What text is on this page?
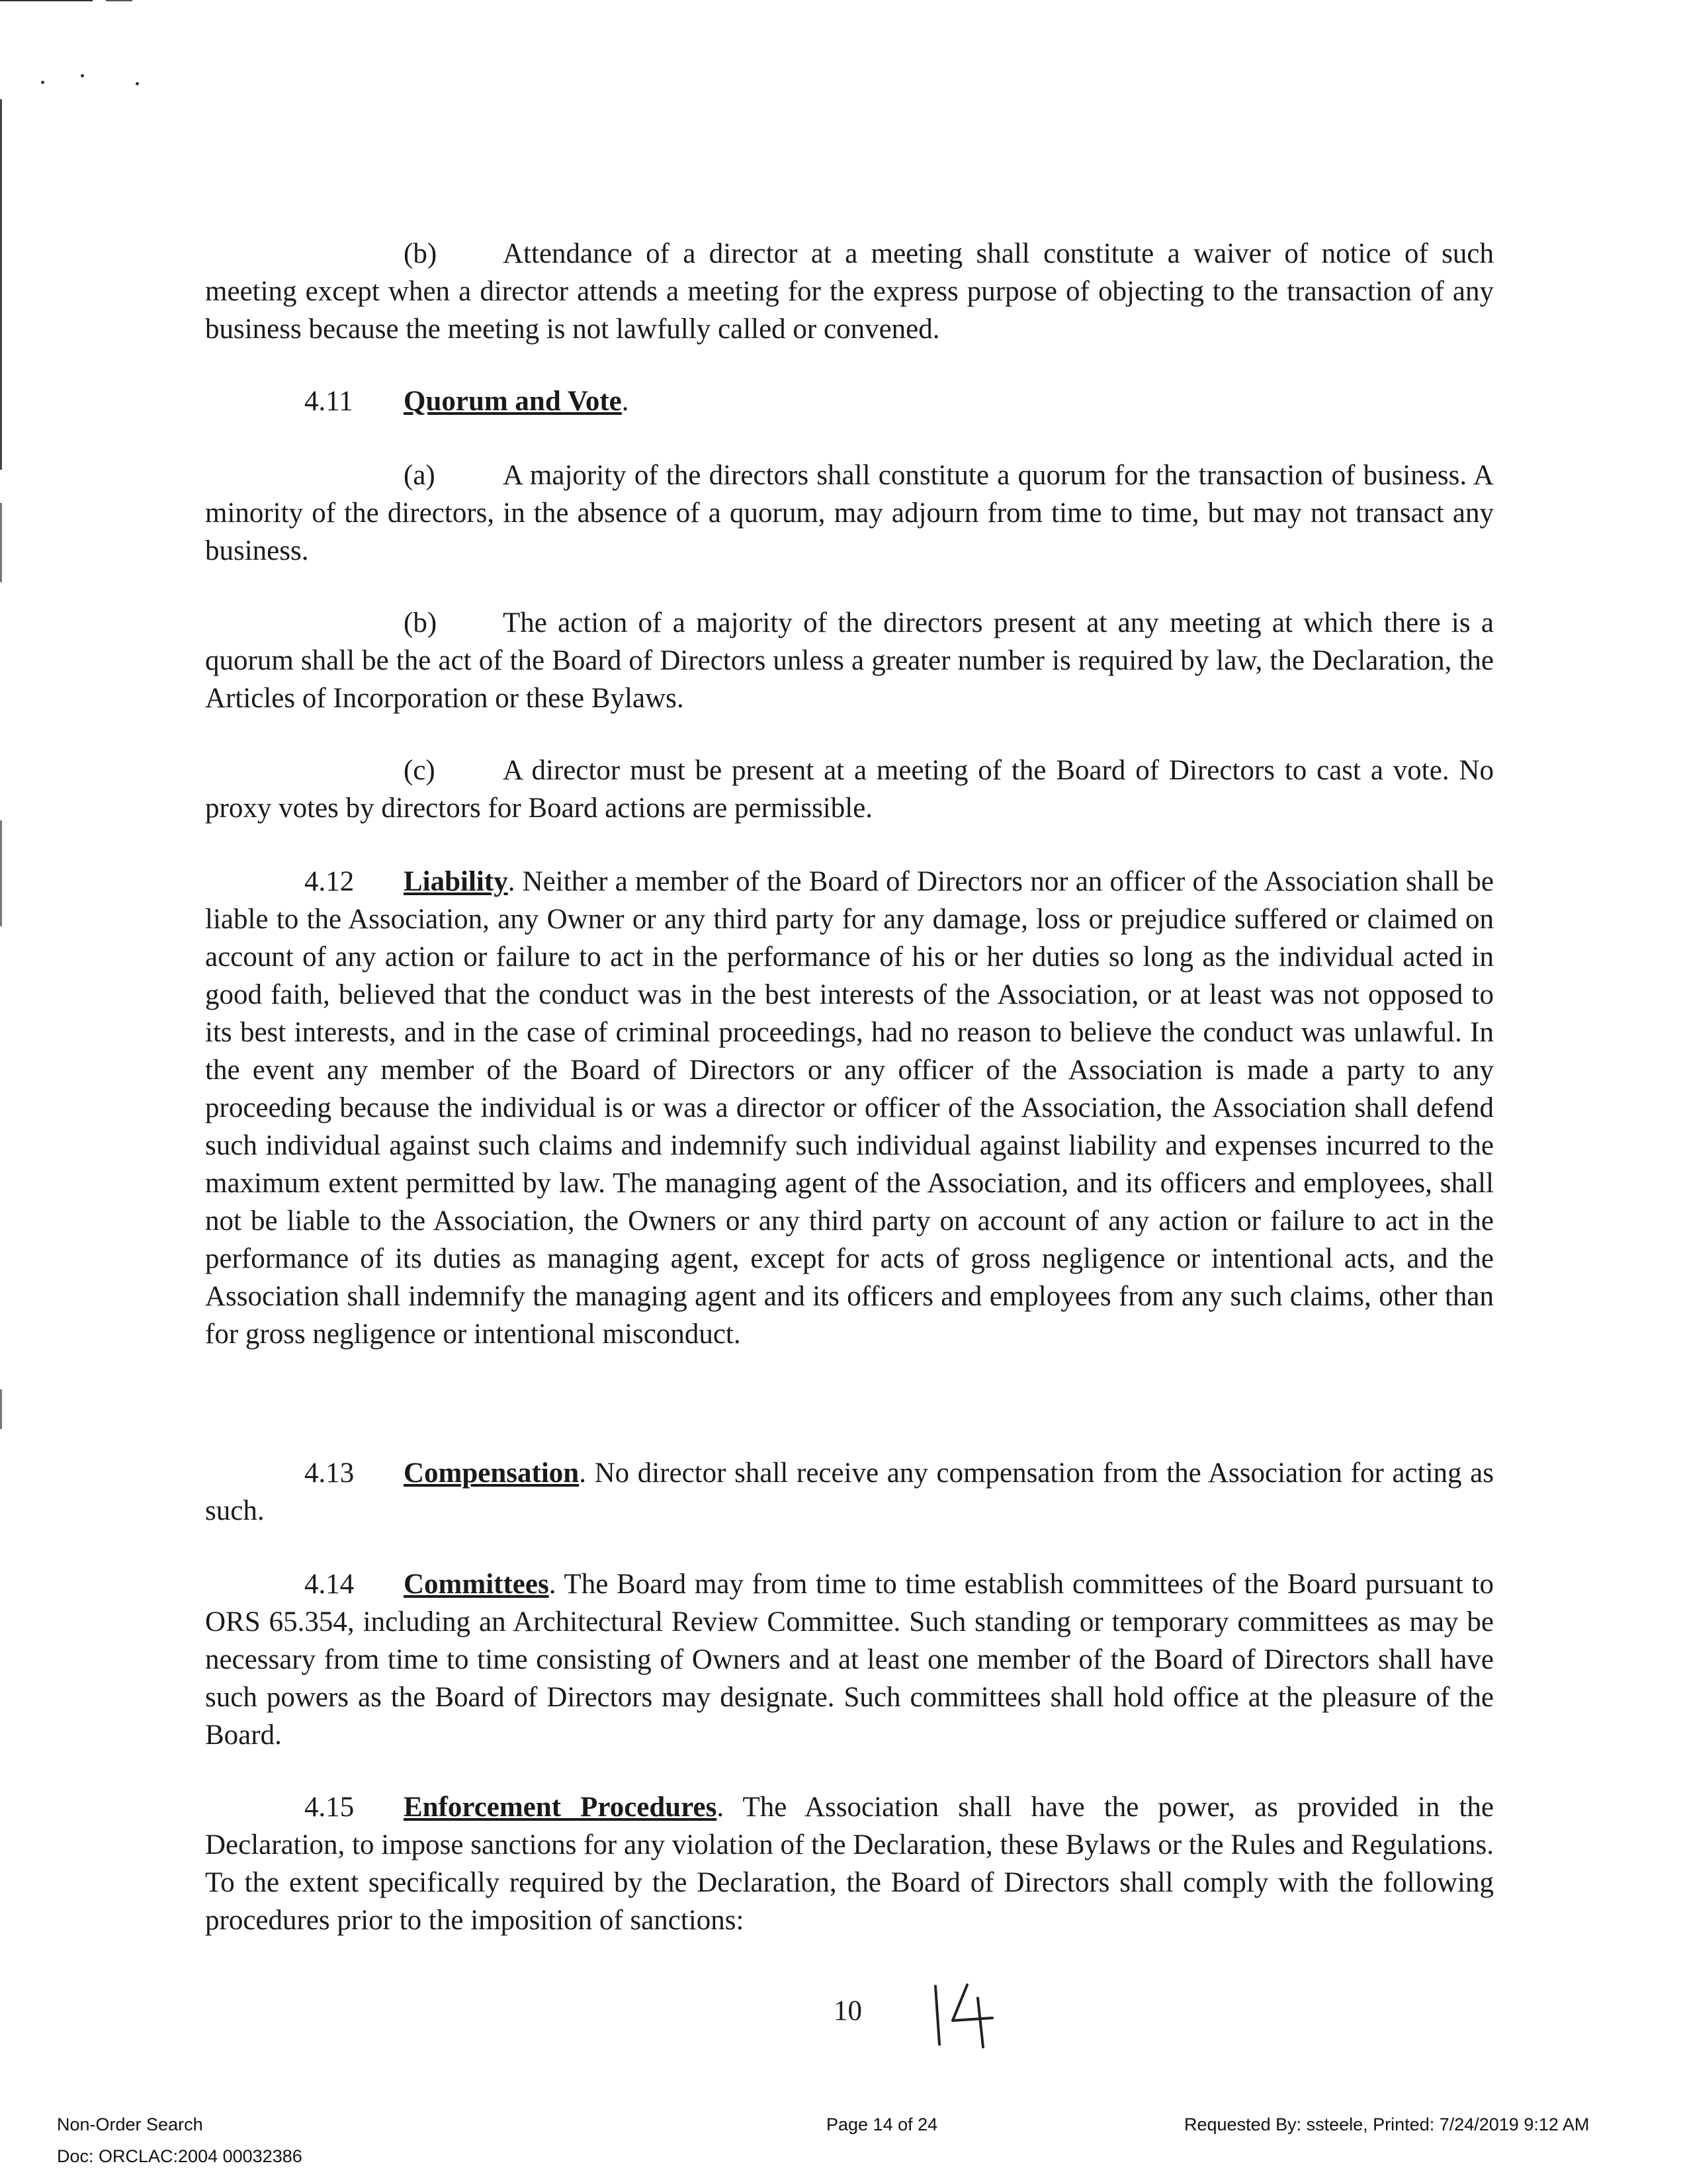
(b) Attendance of a director at a meeting shall constitute a waiver of notice of such meeting except when a director attends a meeting for the express purpose of objecting to the transaction of any business because the meeting is not lawfully called or convened.

4.11 Quorum and Vote.

(a) A majority of the directors shall constitute a quorum for the transaction of business. A minority of the directors, in the absence of a quorum, may adjourn from time to time, but may not transact any business.

(b) The action of a majority of the directors present at any meeting at which there is a quorum shall be the act of the Board of Directors unless a greater number is required by law, the Declaration, the Articles of Incorporation or these Bylaws.

(c) A director must be present at a meeting of the Board of Directors to cast a vote. No proxy votes by directors for Board actions are permissible.

4.12 Liability. Neither a member of the Board of Directors nor an officer of the Association shall be liable to the Association, any Owner or any third party for any damage, loss or prejudice suffered or claimed on account of any action or failure to act in the performance of his or her duties so long as the individual acted in good faith, believed that the conduct was in the best interests of the Association, or at least was not opposed to its best interests, and in the case of criminal proceedings, had no reason to believe the conduct was unlawful. In the event any member of the Board of Directors or any officer of the Association is made a party to any proceeding because the individual is or was a director or officer of the Association, the Association shall defend such individual against such claims and indemnify such individual against liability and expenses incurred to the maximum extent permitted by law. The managing agent of the Association, and its officers and employees, shall not be liable to the Association, the Owners or any third party on account of any action or failure to act in the performance of its duties as managing agent, except for acts of gross negligence or intentional acts, and the Association shall indemnify the managing agent and its officers and employees from any such claims, other than for gross negligence or intentional misconduct.

4.13 Compensation. No director shall receive any compensation from the Association for acting as such.

4.14 Committees. The Board may from time to time establish committees of the Board pursuant to ORS 65.354, including an Architectural Review Committee. Such standing or temporary committees as may be necessary from time to time consisting of Owners and at least one member of the Board of Directors shall have such powers as the Board of Directors may designate. Such committees shall hold office at the pleasure of the Board.

4.15 Enforcement Procedures. The Association shall have the power, as provided in the Declaration, to impose sanctions for any violation of the Declaration, these Bylaws or the Rules and Regulations. To the extent specifically required by the Declaration, the Board of Directors shall comply with the following procedures prior to the imposition of sanctions:

10
Non-Order Search
Doc: ORCLAC:2004 00032386
Page 14 of 24	Requested By: ssteele, Printed: 7/24/2019 9:12 AM
